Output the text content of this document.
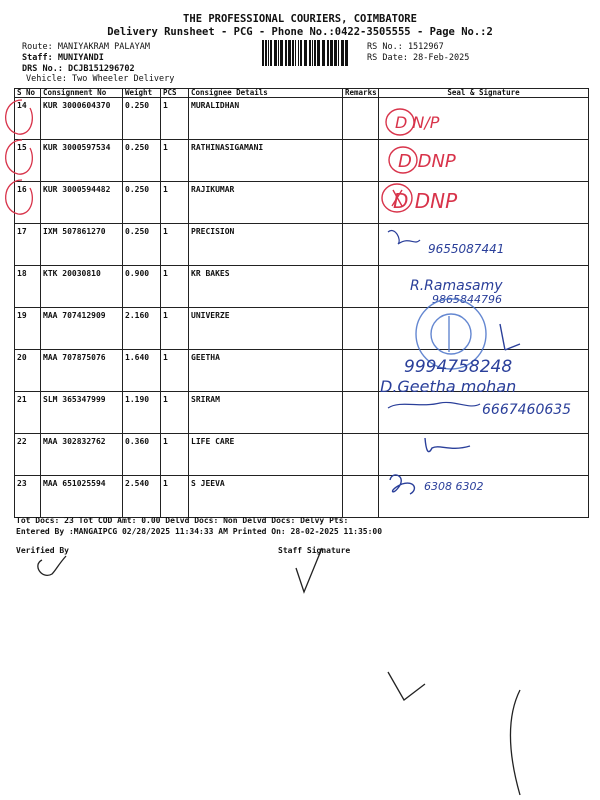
THE PROFESSIONAL COURIERS, COIMBATORE
Delivery Runsheet - PCG - Phone No.:0422-3505555 - Page No.:2
Route: MANIYAKRAM PALAYAM
Staff: MUNIYANDI
DRS No.: DCJB151296702
Vehicle: Two Wheeler Delivery
RS No.: 1512967
RS Date: 28-Feb-2025
S No	Consignment No	Weight	PCS	Consignee Details	Remarks	Seal & Signature
14	KUR 3000604370	0.250	1	MURALIDHAN		
15	KUR 3000597534	0.250	1	RATHINASIGAMANI		
16	KUR 3000594482	0.250	1	RAJIKUMAR		
17	IXM 507861270	0.250	1	PRECISION		
18	KTK 20030810	0.900	1	KR BAKES		
19	MAA 707412909	2.160	1	UNIVERZE		
20	MAA 707875076	1.640	1	GEETHA		
21	SLM 365347999	1.190	1	SRIRAM		
22	MAA 302832762	0.360	1	LIFE CARE		
23	MAA 651025594	2.540	1	S JEEVA		
D N/P
D DNP
D DNP
9655087441
R.Ramasamy
9865844796
9994758248
D.Geetha mohan
6667460635
6308 6302
Tot Docs: 23 Tot COD Amt: 0.00 Delvd Docs: Non Delvd Docs: Delvy Pts:
Entered By :MANGAIPCG 02/28/2025 11:34:33 AM Printed On: 28-02-2025 11:35:00
Verified By	Staff Signature
